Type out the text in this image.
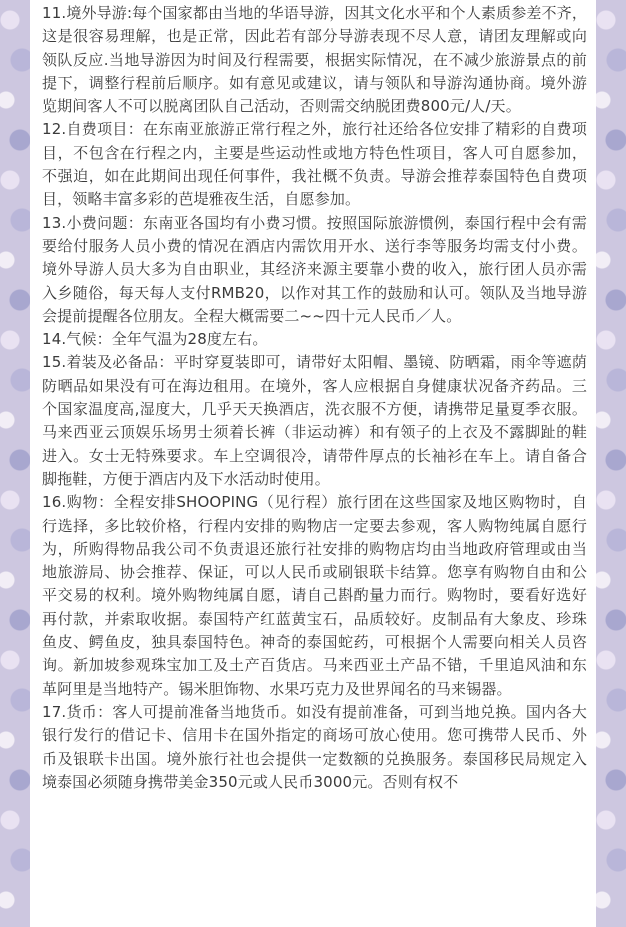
11.境外导游:每个国家都由当地的华语导游，因其文化水平和个人素质参差不齐，这是很容易理解，也是正常，因此若有部分导游表现不尽人意，请团友理解或向领队反应.当地导游因为时间及行程需要，根据实际情况，在不减少旅游景点的前提下，调整行程前后顺序。如有意见或建议，请与领队和导游沟通协商。境外游览期间客人不可以脱离团队自己活动，否则需交纳脱团费800元/人/天。

12.自费项目：在东南亚旅游正常行程之外，旅行社还给各位安排了精彩的自费项目，不包含在行程之内，主要是些运动性或地方特色性项目，客人可自愿参加，不强迫，如在此期间出现任何事件，我社概不负责。导游会推荐泰国特色自费项目，领略丰富多彩的芭堤雅夜生活，自愿参加。

13.小费问题：东南亚各国均有小费习惯。按照国际旅游惯例，泰国行程中会有需要给付服务人员小费的情况在酒店内需饮用开水、送行李等服务均需支付小费。境外导游人员大多为自由职业，其经济来源主要靠小费的收入，旅行团人员亦需入乡随俗，每天每人支付RMB20，以作对其工作的鼓励和认可。领队及当地导游会提前提醒各位朋友。全程大概需要二~~四十元人民币／人。

14.气候：全年气温为28度左右。

15.着装及必备品：平时穿夏装即可，请带好太阳帽、墨镜、防晒霜，雨伞等遮荫防晒品如果没有可在海边租用。在境外，客人应根据自身健康状况备齐药品。三个国家温度高,湿度大，几乎天天换酒店，洗衣服不方便，请携带足量夏季衣服。马来西亚云顶娱乐场男士须着长裤（非运动裤）和有领子的上衣及不露脚趾的鞋进入。女士无特殊要求。车上空调很冷，请带件厚点的长袖衫在车上。请自备合脚拖鞋，方便于酒店内及下水活动时使用。

16.购物：全程安排SHOOPING（见行程）旅行团在这些国家及地区购物时，自行选择，多比较价格，行程内安排的购物店一定要去参观，客人购物纯属自愿行为，所购得物品我公司不负责退还旅行社安排的购物店均由当地政府管理或由当地旅游局、协会推荐、保证，可以人民币或刷银联卡结算。您享有购物自由和公平交易的权利。境外购物纯属自愿，请自己斟酌量力而行。购物时，要看好选好再付款，并索取收据。泰国特产红蓝黄宝石，品质较好。皮制品有大象皮、珍珠鱼皮、鳄鱼皮，独具泰国特色。神奇的泰国蛇药，可根据个人需要向相关人员咨询。新加坡参观珠宝加工及土产百货店。马来西亚土产品不错，千里追风油和东革阿里是当地特产。锡米胆饰物、水果巧克力及世界闻名的马来锡器。

17.货币：客人可提前准备当地货币。如没有提前准备，可到当地兑换。国内各大银行发行的借记卡、信用卡在国外指定的商场可放心使用。您可携带人民币、外币及银联卡出国。境外旅行社也会提供一定数额的兑换服务。泰国移民局规定入境泰国必须随身携带美金350元或人民币3000元。否则有权不
